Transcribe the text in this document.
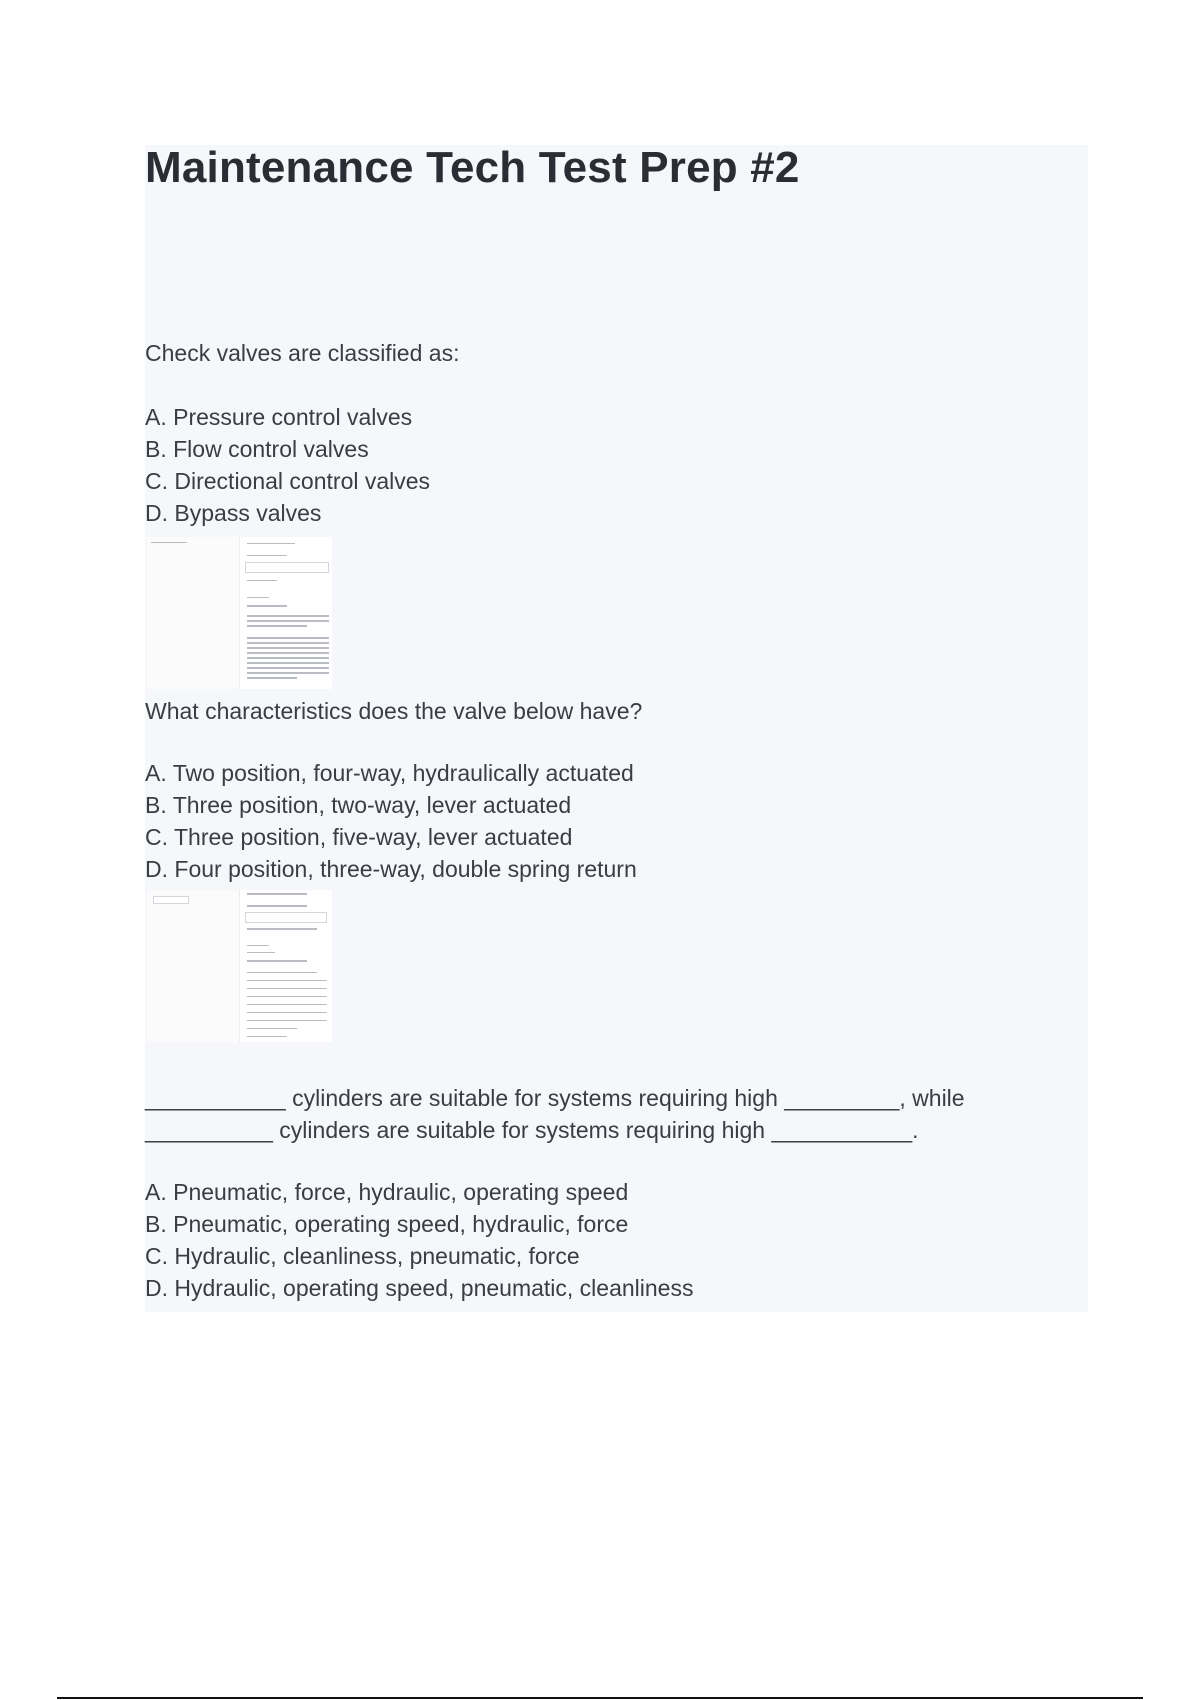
Maintenance Tech Test Prep #2

Check valves are classified as:

A. Pressure control valves
B. Flow control valves
C. Directional control valves
D. Bypass valves

What characteristics does the valve below have?

A. Two position, four-way, hydraulically actuated
B. Three position, two-way, lever actuated
C. Three position, five-way, lever actuated
D. Four position, three-way, double spring return

___________ cylinders are suitable for systems requiring high _________, while

__________ cylinders are suitable for systems requiring high ___________.

A. Pneumatic, force, hydraulic, operating speed
B. Pneumatic, operating speed, hydraulic, force
C. Hydraulic, cleanliness, pneumatic, force
D. Hydraulic, operating speed, pneumatic, cleanliness
